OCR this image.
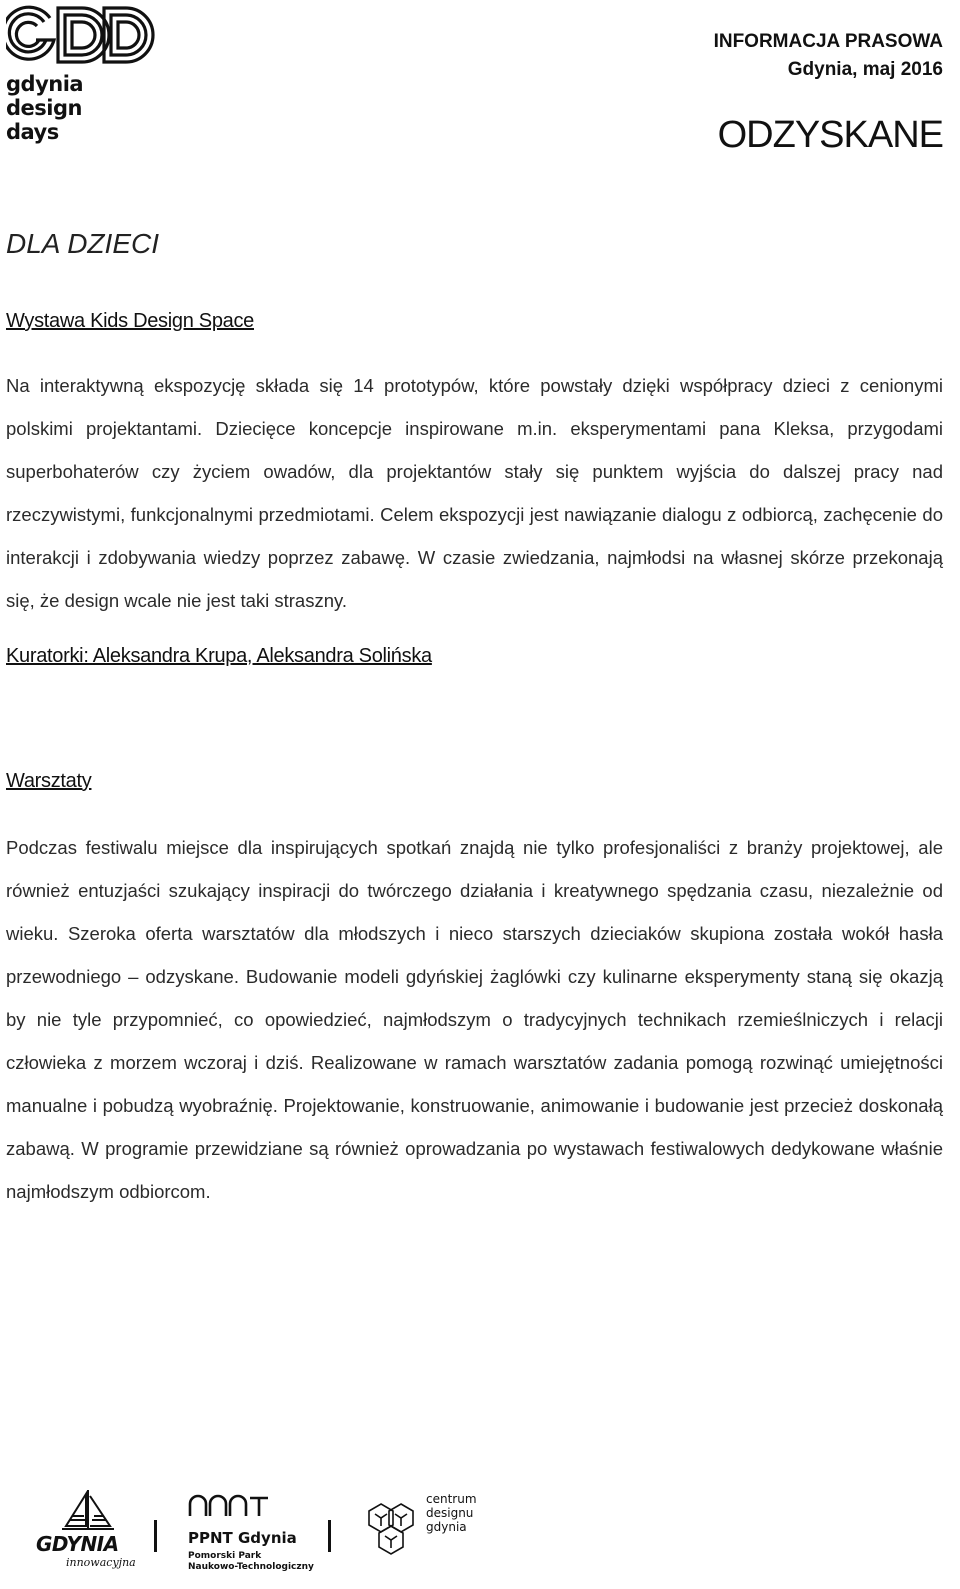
gdynia
design
days
INFORMACJA PRASOWA
Gdynia, maj 2016
ODZYSKANE
DLA DZIECI
Wystawa Kids Design Space

Na interaktywną ekspozycję składa się 14 prototypów, które powstały dzięki współpracy dzieci z cenionymi polskimi projektantami. Dziecięce koncepcje inspirowane m.in. eksperymentami pana Kleksa, przygodami superbohaterów czy życiem owadów, dla projektantów stały się punktem wyjścia do dalszej pracy nad rzeczywistymi, funkcjonalnymi przedmiotami. Celem ekspozycji jest nawiązanie dialogu z odbiorcą, zachęcenie do interakcji i zdobywania wiedzy poprzez zabawę. W czasie zwiedzania, najmłodsi na własnej skórze przekonają się, że design wcale nie jest taki straszny.

Kuratorki: Aleksandra Krupa, Aleksandra Solińska
Warsztaty

Podczas festiwalu miejsce dla inspirujących spotkań znajdą nie tylko profesjonaliści z branży projektowej, ale również entuzjaści szukający inspiracji do twórczego działania i kreatywnego spędzania czasu, niezależnie od wieku. Szeroka oferta warsztatów dla młodszych i nieco starszych dzieciaków skupiona została wokół hasła przewodniego – odzyskane. Budowanie modeli gdyńskiej żaglówki czy kulinarne eksperymenty staną się okazją by nie tyle przypomnieć, co opowiedzieć, najmłodszym o tradycyjnych technikach rzemieślniczych i relacji człowieka z morzem wczoraj i dziś. Realizowane w ramach warsztatów zadania pomogą rozwinąć umiejętności manualne i pobudzą wyobraźnię. Projektowanie, konstruowanie, animowanie i budowanie jest przecież doskonałą zabawą. W programie przewidziane są również oprowadzania po wystawach festiwalowych dedykowane właśnie najmłodszym odbiorcom.

GDYNIA
innowacyjna
PPNT Gdynia
Pomorski Park
Naukowo-Technologiczny
centrum
designu
gdynia
